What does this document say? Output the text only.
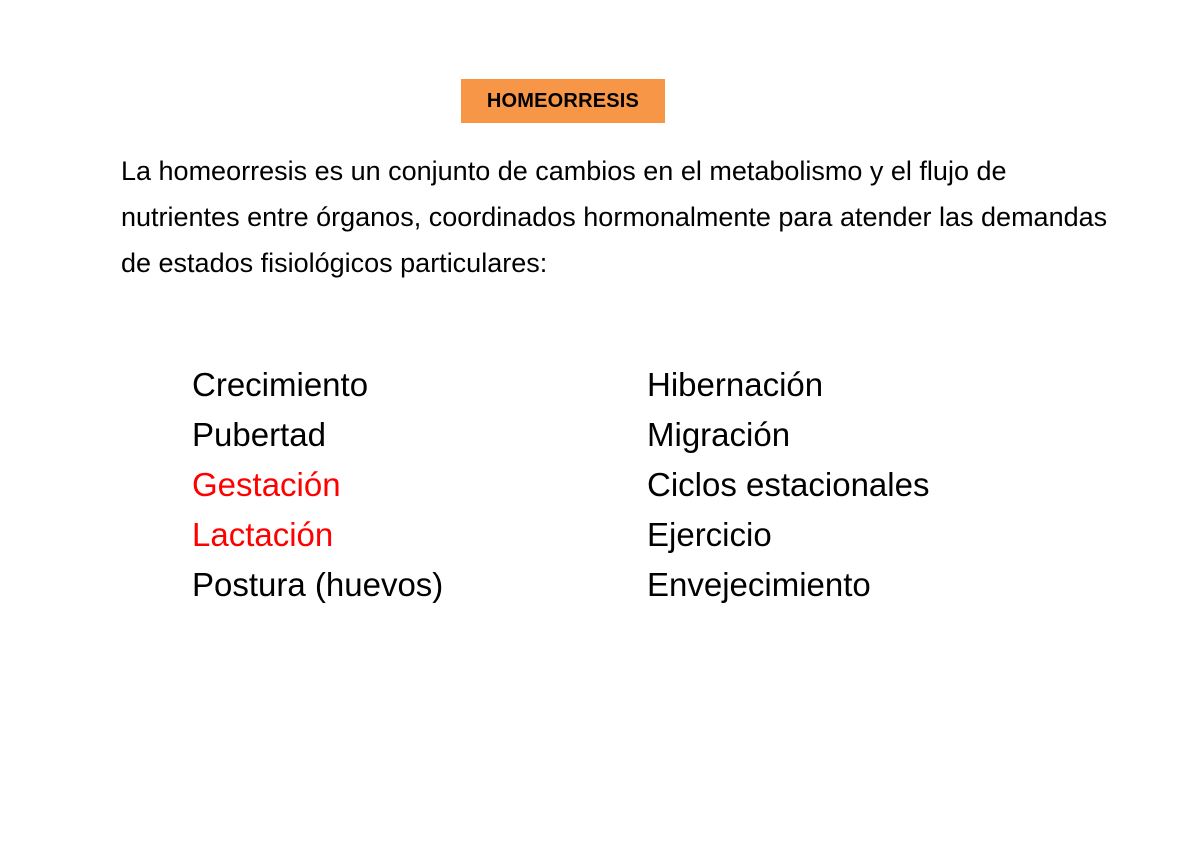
HOMEORRESIS

La homeorresis es un conjunto de cambios en el metabolismo y el flujo de nutrientes entre órganos, coordinados hormonalmente para atender las demandas de estados fisiológicos particulares:

Crecimiento
Pubertad
Gestación
Lactación
Postura (huevos)
Hibernación
Migración
Ciclos estacionales
Ejercicio
Envejecimiento
